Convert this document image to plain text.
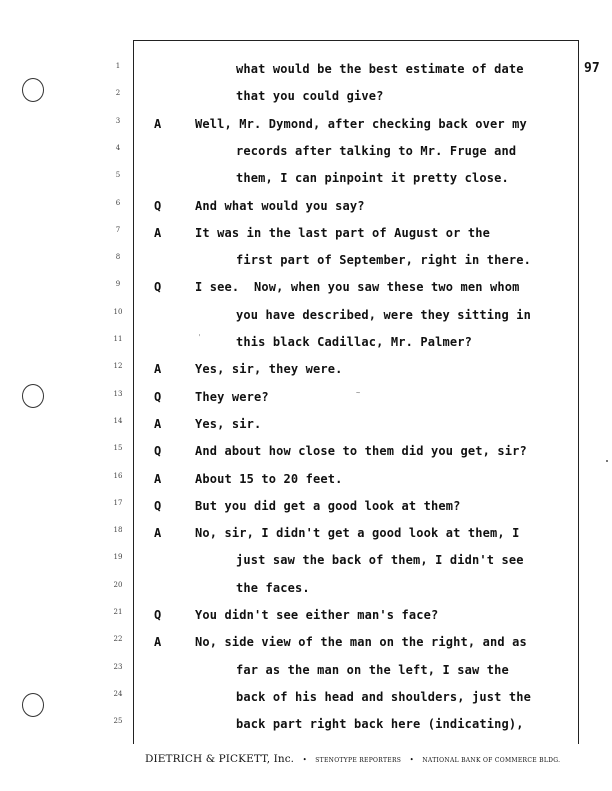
97
1	what would be the best estimate of date
2	that you could give?
3	A	Well, Mr. Dymond, after checking back over my
4	records after talking to Mr. Fruge and
5	them, I can pinpoint it pretty close.
6	Q	And what would you say?
7	A	It was in the last part of August or the
8	first part of September, right in there.
9	Q	I see.  Now, when you saw these two men whom
10	you have described, were they sitting in
11	this black Cadillac, Mr. Palmer?
12	A	Yes, sir, they were.
13	Q	They were?
14	A	Yes, sir.
15	Q	And about how close to them did you get, sir?
16	A	About 15 to 20 feet.
17	Q	But you did get a good look at them?
18	A	No, sir, I didn't get a good look at them, I
19	just saw the back of them, I didn't see
20	the faces.
21	Q	You didn't see either man's face?
22	A	No, side view of the man on the right, and as
23	far as the man on the left, I saw the
24	back of his head and shoulders, just the
25	back part right back here (indicating),
~
'
DIETRICH & PICKETT, Inc. • STENOTYPE REPORTERS • NATIONAL BANK OF COMMERCE BLDG.
